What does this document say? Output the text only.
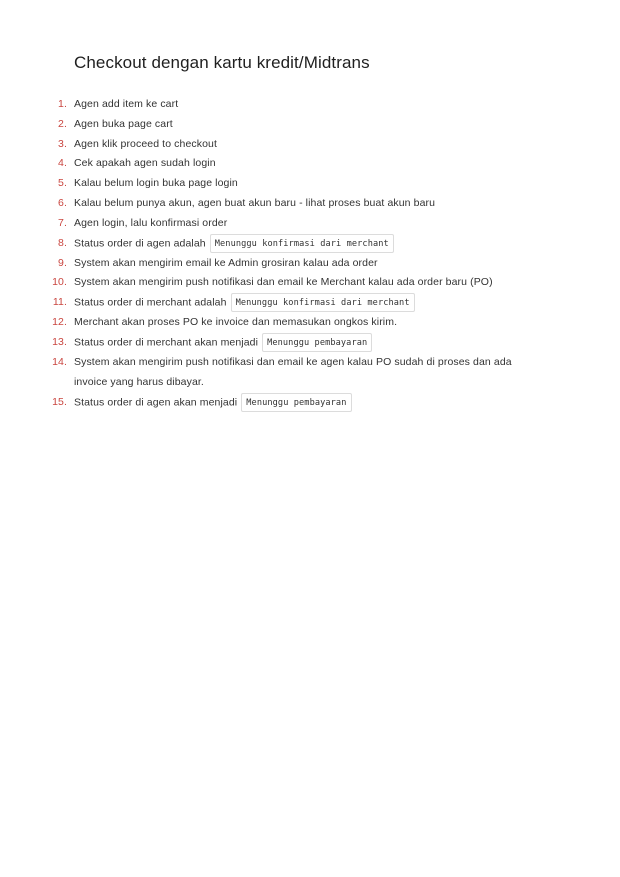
Checkout dengan kartu kredit/Midtrans
1. Agen add item ke cart
2. Agen buka page cart
3. Agen klik proceed to checkout
4. Cek apakah agen sudah login
5. Kalau belum login buka page login
6. Kalau belum punya akun, agen buat akun baru - lihat proses buat akun baru
7. Agen login, lalu konfirmasi order
8. Status order di agen adalah Menunggu konfirmasi dari merchant
9. System akan mengirim email ke Admin grosiran kalau ada order
10. System akan mengirim push notifikasi dan email ke Merchant kalau ada order baru (PO)
11. Status order di merchant adalah Menunggu konfirmasi dari merchant
12. Merchant akan proses PO ke invoice dan memasukan ongkos kirim.
13. Status order di merchant akan menjadi Menunggu pembayaran
14. System akan mengirim push notifikasi dan email ke agen kalau PO sudah di proses dan ada invoice yang harus dibayar.
15. Status order di agen akan menjadi Menunggu pembayaran
